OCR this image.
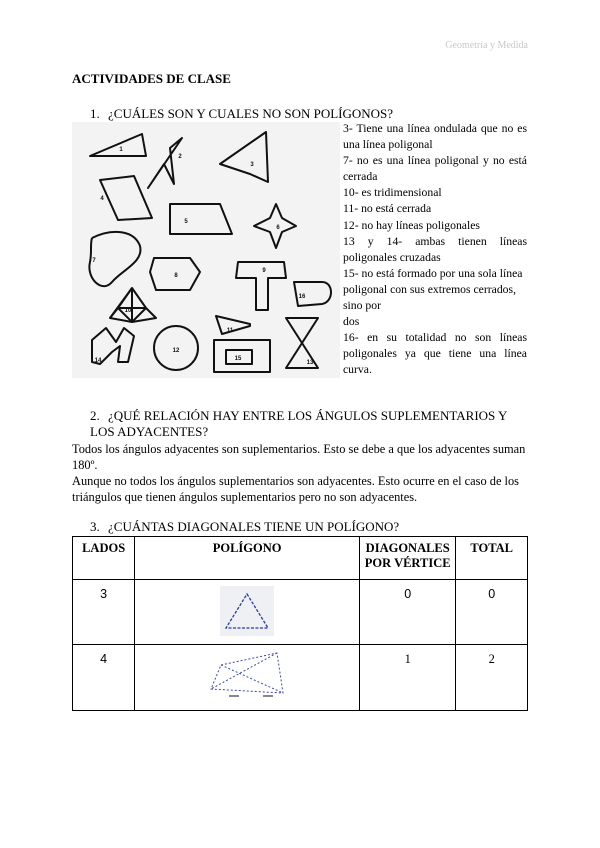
Geometría y Medida
ACTIVIDADES DE CLASE
1. ¿CUÁLES SON Y CUALES NO SON POLÍGONOS?
1
2
3
4
5
6
7
8
9
10
11
12
13
14	15
16
3- Tiene una línea ondulada que no es una línea poligonal
7- no es una línea poligonal y no está cerrada
10- es tridimensional
11- no está cerrada
12- no hay líneas poligonales
13 y 14- ambas tienen líneas poligonales cruzadas
15- no está formado por una sola línea poligonal con sus extremos cerrados, sino por
dos
16- en su totalidad no son líneas poligonales ya que tiene una línea curva.
2. ¿QUÉ RELACIÓN HAY ENTRE LOS ÁNGULOS SUPLEMENTARIOS Y LOS ADYACENTES?
Todos los ángulos adyacentes son suplementarios. Esto se debe a que los adyacentes suman 180º.
Aunque no todos los ángulos suplementarios son adyacentes. Esto ocurre en el caso de los triángulos que tienen ángulos suplementarios pero no son adyacentes.
3. ¿CUÁNTAS DIAGONALES TIENE UN POLÍGONO?
LADOS	POLÍGONO	DIAGONALES POR VÉRTICE	TOTAL
3		0	0
4		1	2
